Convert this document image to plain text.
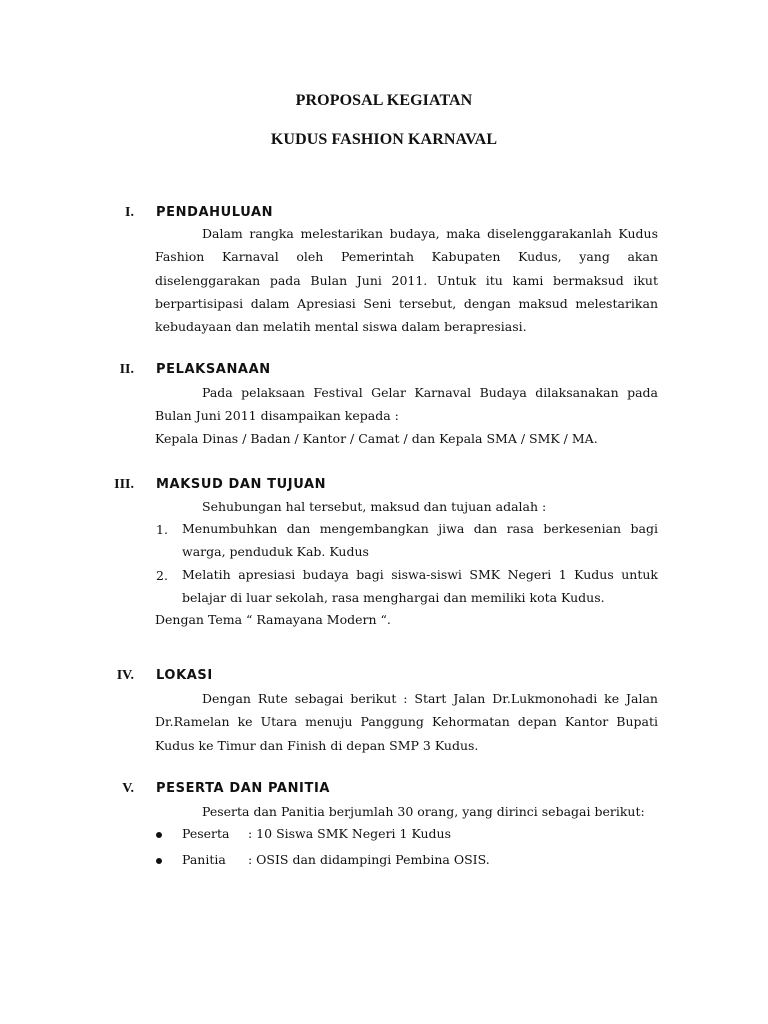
PROPOSAL KEGIATAN
KUDUS FASHION KARNAVAL
I. PENDAHULUAN
Dalam rangka melestarikan budaya, maka diselenggarakanlah Kudus Fashion Karnaval oleh Pemerintah Kabupaten Kudus, yang akan diselenggarakan pada Bulan Juni 2011. Untuk itu kami bermaksud ikut berpartisipasi dalam Apresiasi Seni tersebut, dengan maksud melestarikan kebudayaan dan melatih mental siswa dalam berapresiasi.
II. PELAKSANAAN
Pada pelaksaan Festival Gelar Karnaval Budaya dilaksanakan pada Bulan Juni 2011 disampaikan kepada :
Kepala Dinas / Badan / Kantor / Camat / dan Kepala SMA / SMK / MA.
III. MAKSUD DAN TUJUAN
Sehubungan hal tersebut, maksud dan tujuan adalah :
1. Menumbuhkan dan mengembangkan jiwa dan rasa berkesenian bagi warga, penduduk Kab. Kudus
2. Melatih apresiasi budaya bagi siswa-siswi SMK Negeri 1 Kudus untuk belajar di luar sekolah, rasa menghargai dan memiliki kota Kudus.
Dengan Tema “ Ramayana Modern “.
IV. LOKASI
Dengan Rute sebagai berikut : Start Jalan Dr.Lukmonohadi ke Jalan Dr.Ramelan ke Utara menuju Panggung Kehormatan depan Kantor Bupati Kudus ke Timur dan Finish di depan SMP 3 Kudus.
V. PESERTA DAN PANITIA
Peserta dan Panitia berjumlah 30 orang, yang dirinci sebagai berikut:
Peserta : 10 Siswa SMK Negeri 1 Kudus
Panitia : OSIS dan didampingi Pembina OSIS.
